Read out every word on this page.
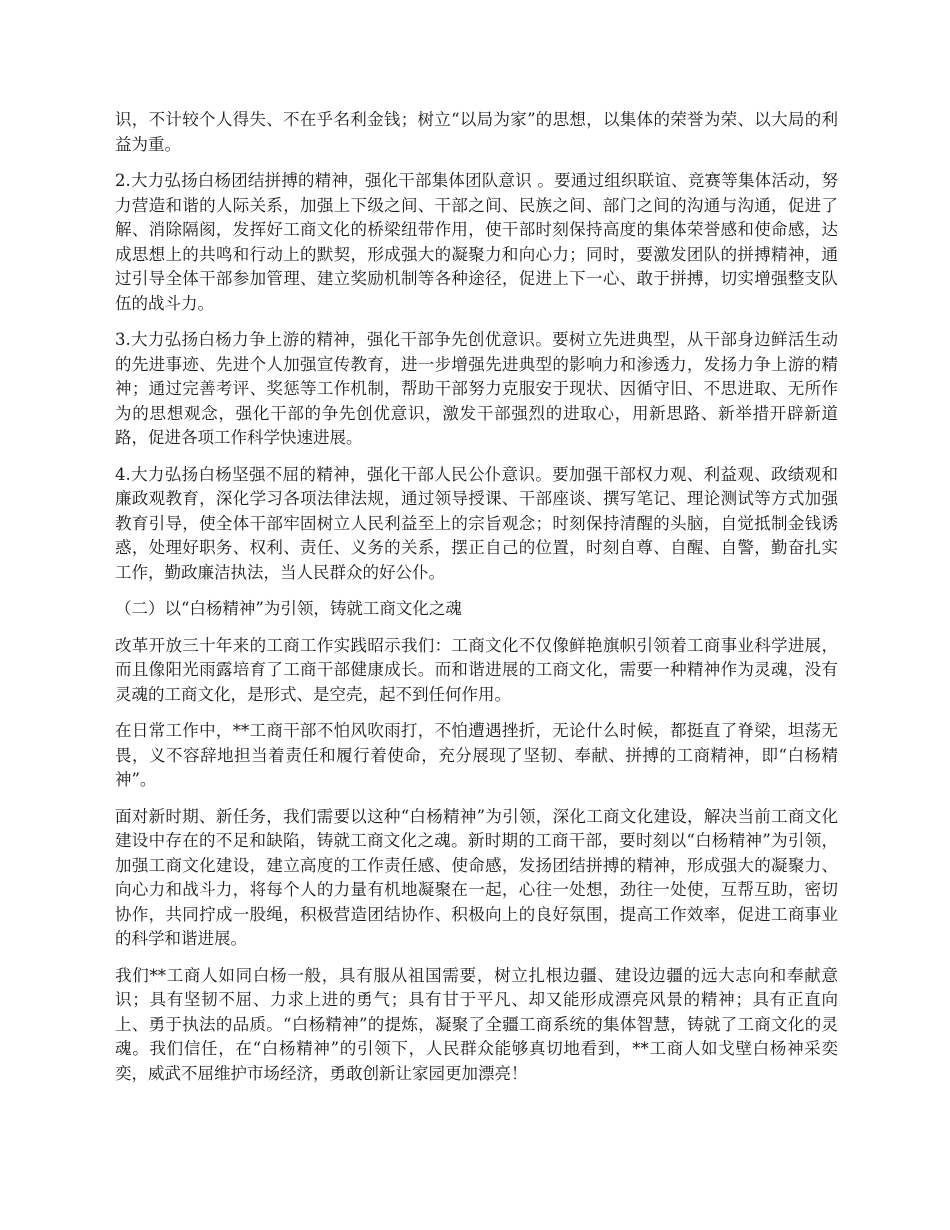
识，不计较个人得失、不在乎名利金钱；树立“以局为家”的思想，以集体的荣誉为荣、以大局的利益为重。

2.大力弘扬白杨团结拼搏的精神，强化干部集体团队意识 。要通过组织联谊、竞赛等集体活动，努力营造和谐的人际关系，加强上下级之间、干部之间、民族之间、部门之间的沟通与沟通，促进了解、消除隔阂，发挥好工商文化的桥梁纽带作用，使干部时刻保持高度的集体荣誉感和使命感，达成思想上的共鸣和行动上的默契，形成强大的凝聚力和向心力；同时，要激发团队的拼搏精神，通过引导全体干部参加管理、建立奖励机制等各种途径，促进上下一心、敢于拼搏，切实增强整支队伍的战斗力。

3.大力弘扬白杨力争上游的精神，强化干部争先创优意识。要树立先进典型，从干部身边鲜活生动的先进事迹、先进个人加强宣传教育，进一步增强先进典型的影响力和渗透力，发扬力争上游的精神；通过完善考评、奖惩等工作机制，帮助干部努力克服安于现状、因循守旧、不思进取、无所作为的思想观念，强化干部的争先创优意识，激发干部强烈的进取心，用新思路、新举措开辟新道路，促进各项工作科学快速进展。

4.大力弘扬白杨坚强不屈的精神，强化干部人民公仆意识。要加强干部权力观、利益观、政绩观和廉政观教育，深化学习各项法律法规，通过领导授课、干部座谈、撰写笔记、理论测试等方式加强教育引导，使全体干部牢固树立人民利益至上的宗旨观念；时刻保持清醒的头脑，自觉抵制金钱诱惑，处理好职务、权利、责任、义务的关系，摆正自己的位置，时刻自尊、自醒、自警，勤奋扎实工作，勤政廉洁执法，当人民群众的好公仆。

（二）以“白杨精神”为引领，铸就工商文化之魂

改革开放三十年来的工商工作实践昭示我们：工商文化不仅像鲜艳旗帜引领着工商事业科学进展，而且像阳光雨露培育了工商干部健康成长。而和谐进展的工商文化，需要一种精神作为灵魂，没有灵魂的工商文化，是形式、是空壳，起不到任何作用。

在日常工作中，**工商干部不怕风吹雨打，不怕遭遇挫折，无论什么时候，都挺直了脊梁，坦荡无畏，义不容辞地担当着责任和履行着使命，充分展现了坚韧、奉献、拼搏的工商精神，即“白杨精神”。

面对新时期、新任务，我们需要以这种“白杨精神”为引领，深化工商文化建设，解决当前工商文化建设中存在的不足和缺陷，铸就工商文化之魂。新时期的工商干部，要时刻以“白杨精神”为引领，加强工商文化建设，建立高度的工作责任感、使命感，发扬团结拼搏的精神，形成强大的凝聚力、向心力和战斗力，将每个人的力量有机地凝聚在一起，心往一处想，劲往一处使，互帮互助，密切协作，共同拧成一股绳，积极营造团结协作、积极向上的良好氛围，提高工作效率，促进工商事业的科学和谐进展。

我们**工商人如同白杨一般，具有服从祖国需要，树立扎根边疆、建设边疆的远大志向和奉献意识；具有坚韧不屈、力求上进的勇气；具有甘于平凡、却又能形成漂亮风景的精神；具有正直向上、勇于执法的品质。“白杨精神”的提炼，凝聚了全疆工商系统的集体智慧，铸就了工商文化的灵魂。我们信任，在“白杨精神”的引领下，人民群众能够真切地看到，**工商人如戈壁白杨神采奕奕，威武不屈维护市场经济，勇敢创新让家园更加漂亮！
